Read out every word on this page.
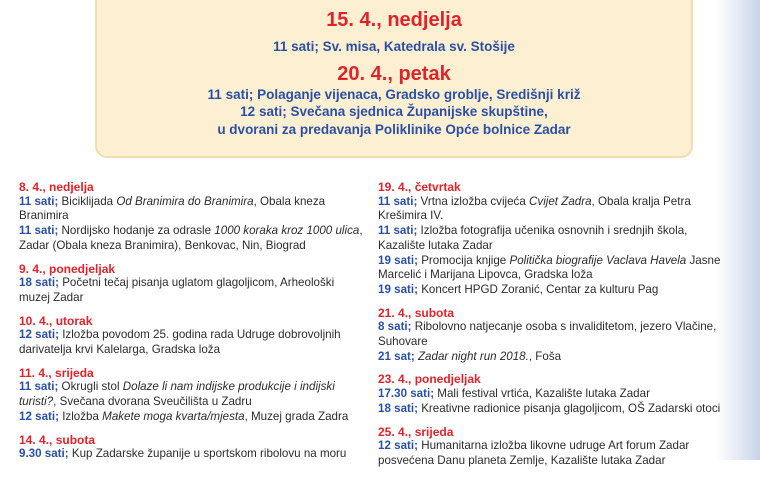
15. 4., nedjelja
11 sati; Sv. misa, Katedrala sv. Stošije
20. 4., petak
11 sati; Polaganje vijenaca, Gradsko groblje, Središnji križ
12 sati; Svečana sjednica Županijske skupštine,
u dvorani za predavanja Poliklinike Opće bolnice Zadar
8. 4., nedjelja

11 sati; Biciklijada Od Branimira do Branimira, Obala kneza Branimira

11 sati; Nordijsko hodanje za odrasle 1000 koraka kroz 1000 ulica, Zadar (Obala kneza Branimira), Benkovac, Nin, Biograd

9. 4., ponedjeljak

18 sati; Početni tečaj pisanja uglatom glagoljicom, Arheološki muzej Zadar

10. 4., utorak

12 sati; Izložba povodom 25. godina rada Udruge dobrovoljnih darivatelja krvi Kalelarga, Gradska loža

11. 4., srijeda

11 sati; Okrugli stol Dolaze li nam indijske produkcije i indijski turisti?, Svečana dvorana Sveučilišta u Zadru

12 sati; Izložba Makete moga kvarta/mjesta, Muzej grada Zadra

14. 4., subota

9.30 sati; Kup Zadarske županije u sportskom ribolovu na moru

19. 4., četvrtak

11 sati; Vrtna izložba cvijeća Cvijet Zadra, Obala kralja Petra Krešimira IV.

11 sati; Izložba fotografija učenika osnovnih i srednjih škola, Kazalište lutaka Zadar

19 sati; Promocija knjige Politička biografije Vaclava Havela Jasne Marcelić i Marijana Lipovca, Gradska loža

19 sati; Koncert HPGD Zoranić, Centar za kulturu Pag

21. 4., subota

8 sati; Ribolovno natjecanje osoba s invaliditetom, jezero Vlačine, Suhovare

21 sat; Zadar night run 2018., Foša

23. 4., ponedjeljak

17.30 sati; Mali festival vrtića, Kazalište lutaka Zadar

18 sati; Kreativne radionice pisanja glagoljicom, OŠ Zadarski otoci

25. 4., srijeda

12 sati; Humanitarna izložba likovne udruge Art forum Zadar posvećena Danu planeta Zemlje, Kazalište lutaka Zadar
